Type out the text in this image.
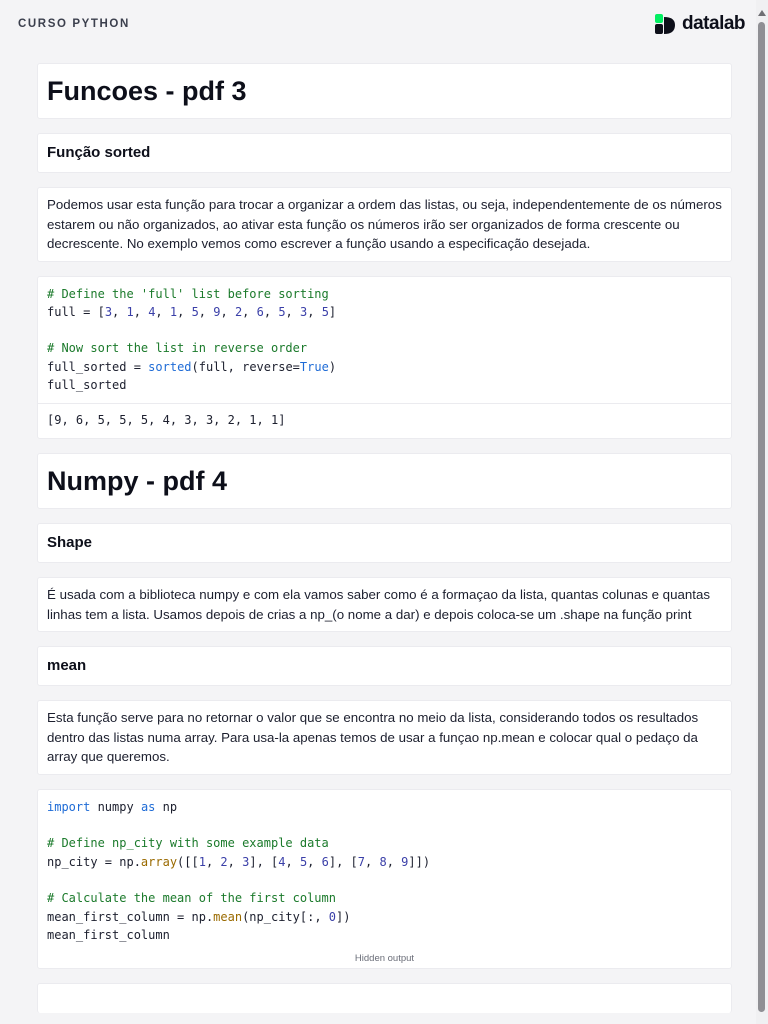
CURSO PYTHON	datalab
Funcoes - pdf 3
Função sorted

Podemos usar esta função para trocar a organizar a ordem das listas, ou seja, independentemente de os números estarem ou não organizados, ao ativar esta função os números irão ser organizados de forma crescente ou decrescente. No exemplo vemos como escrever a função usando a especificação desejada.

# Define the 'full' list before sorting
full = [3, 1, 4, 1, 5, 9, 2, 6, 5, 3, 5]

# Now sort the list in reverse order
full_sorted = sorted(full, reverse=True)
full_sorted
[9, 6, 5, 5, 5, 4, 3, 3, 2, 1, 1]
Numpy - pdf 4
Shape

É usada com a biblioteca numpy e com ela vamos saber como é a formaçao da lista, quantas colunas e quantas linhas tem a lista. Usamos depois de crias a np_(o nome a dar) e depois coloca-se um .shape na função print

mean

Esta função serve para no retornar o valor que se encontra no meio da lista, considerando todos os resultados dentro das listas numa array. Para usa-la apenas temos de usar a funçao np.mean e colocar qual o pedaço da array que queremos.

import numpy as np

# Define np_city with some example data
np_city = np.array([[1, 2, 3], [4, 5, 6], [7, 8, 9]])

# Calculate the mean of the first column
mean_first_column = np.mean(np_city[:, 0])
mean_first_column
Hidden output
